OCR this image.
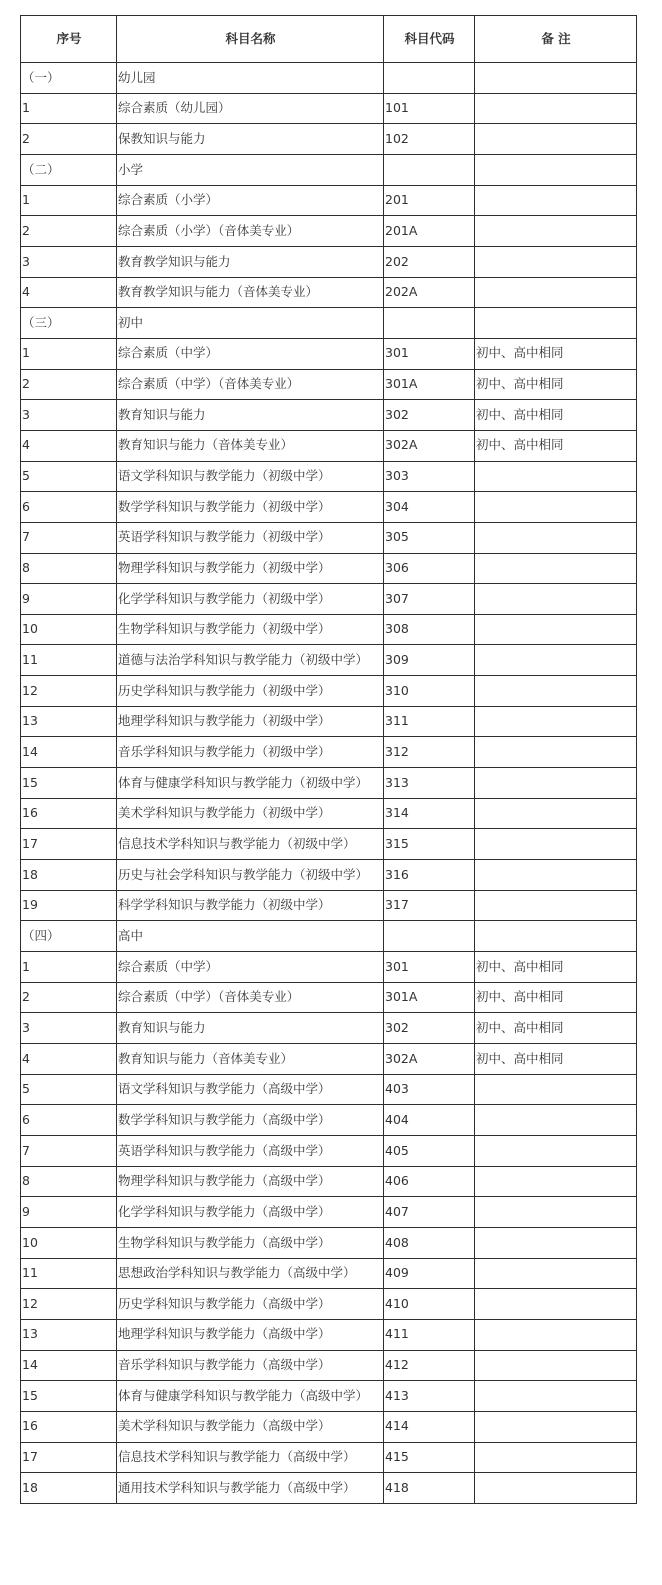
序号	科目名称	科目代码	备 注
（一）	幼儿园		
1	综合素质（幼儿园）	101	
2	保教知识与能力	102	
（二）	小学		
1	综合素质（小学）	201	
2	综合素质（小学）（音体美专业）	201A	
3	教育教学知识与能力	202	
4	教育教学知识与能力（音体美专业）	202A	
（三）	初中		
1	综合素质（中学）	301	初中、高中相同
2	综合素质（中学）（音体美专业）	301A	初中、高中相同
3	教育知识与能力	302	初中、高中相同
4	教育知识与能力（音体美专业）	302A	初中、高中相同
5	语文学科知识与教学能力（初级中学）	303	
6	数学学科知识与教学能力（初级中学）	304	
7	英语学科知识与教学能力（初级中学）	305	
8	物理学科知识与教学能力（初级中学）	306	
9	化学学科知识与教学能力（初级中学）	307	
10	生物学科知识与教学能力（初级中学）	308	
11	道德与法治学科知识与教学能力（初级中学）	309	
12	历史学科知识与教学能力（初级中学）	310	
13	地理学科知识与教学能力（初级中学）	311	
14	音乐学科知识与教学能力（初级中学）	312	
15	体育与健康学科知识与教学能力（初级中学）	313	
16	美术学科知识与教学能力（初级中学）	314	
17	信息技术学科知识与教学能力（初级中学）	315	
18	历史与社会学科知识与教学能力（初级中学）	316	
19	科学学科知识与教学能力（初级中学）	317	
（四）	高中		
1	综合素质（中学）	301	初中、高中相同
2	综合素质（中学）（音体美专业）	301A	初中、高中相同
3	教育知识与能力	302	初中、高中相同
4	教育知识与能力（音体美专业）	302A	初中、高中相同
5	语文学科知识与教学能力（高级中学）	403	
6	数学学科知识与教学能力（高级中学）	404	
7	英语学科知识与教学能力（高级中学）	405	
8	物理学科知识与教学能力（高级中学）	406	
9	化学学科知识与教学能力（高级中学）	407	
10	生物学科知识与教学能力（高级中学）	408	
11	思想政治学科知识与教学能力（高级中学）	409	
12	历史学科知识与教学能力（高级中学）	410	
13	地理学科知识与教学能力（高级中学）	411	
14	音乐学科知识与教学能力（高级中学）	412	
15	体育与健康学科知识与教学能力（高级中学）	413	
16	美术学科知识与教学能力（高级中学）	414	
17	信息技术学科知识与教学能力（高级中学）	415	
18	通用技术学科知识与教学能力（高级中学）	418	
